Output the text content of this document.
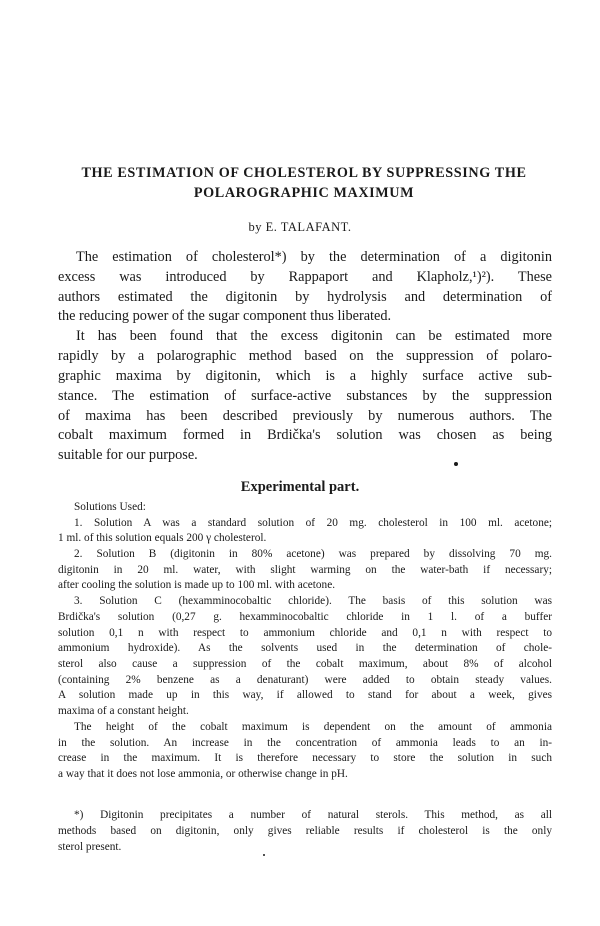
THE ESTIMATION OF CHOLESTEROL BY SUPPRESSING THE
POLAROGRAPHIC MAXIMUM
by E. TALAFANT.
The estimation of cholesterol*) by the determination of a digitonin
excess was introduced by Rappaport and Klapholz,¹)²). These
authors estimated the digitonin by hydrolysis and determination of
the reducing power of the sugar component thus liberated.
It has been found that the excess digitonin can be estimated more
rapidly by a polarographic method based on the suppression of polaro-
graphic maxima by digitonin, which is a highly surface active sub-
stance. The estimation of surface-active substances by the suppression
of maxima has been described previously by numerous authors. The
cobalt maximum formed in Brdička's solution was chosen as being
suitable for our purpose.
Experimental part.
Solutions Used:
1. Solution A was a standard solution of 20 mg. cholesterol in 100 ml. acetone;
1 ml. of this solution equals 200 γ cholesterol.
2. Solution B (digitonin in 80% acetone) was prepared by dissolving 70 mg.
digitonin in 20 ml. water, with slight warming on the water-bath if necessary;
after cooling the solution is made up to 100 ml. with acetone.
3. Solution C (hexamminocobaltic chloride). The basis of this solution was
Brdička's solution (0,27 g. hexamminocobaltic chloride in 1 l. of a buffer
solution 0,1 n with respect to ammonium chloride and 0,1 n with respect to
ammonium hydroxide). As the solvents used in the determination of chole-
sterol also cause a suppression of the cobalt maximum, about 8% of alcohol
(containing 2% benzene as a denaturant) were added to obtain steady values.
A solution made up in this way, if allowed to stand for about a week, gives
maxima of a constant height.
The height of the cobalt maximum is dependent on the amount of ammonia
in the solution. An increase in the concentration of ammonia leads to an in-
crease in the maximum. It is therefore necessary to store the solution in such
a way that it does not lose ammonia, or otherwise change in pH.
*) Digitonin precipitates a number of natural sterols. This method, as all
methods based on digitonin, only gives reliable results if cholesterol is the only
sterol present.
